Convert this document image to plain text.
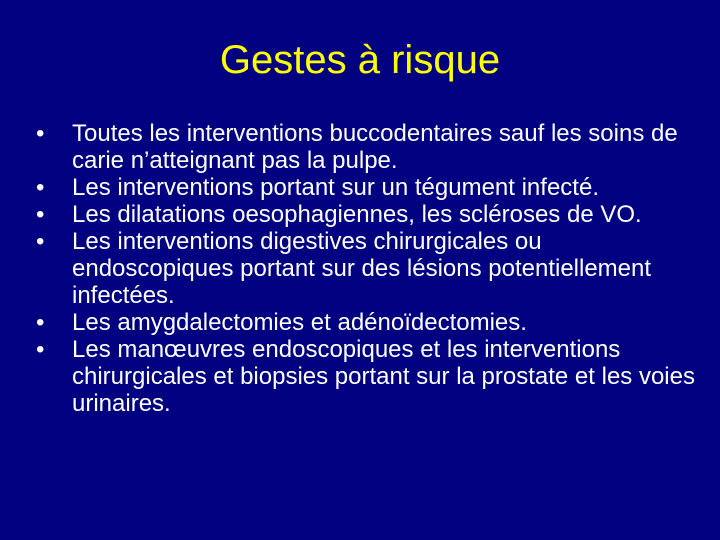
Gestes à risque
•	Toutes les interventions buccodentaires sauf les soins de carie n’atteignant pas la pulpe.
•	Les interventions portant sur un tégument infecté.
•	Les dilatations oesophagiennes, les scléroses de VO.
•	Les interventions digestives chirurgicales ou endoscopiques portant sur des lésions potentiellement infectées.
•	Les amygdalectomies et adénoïdectomies.
•	Les manœuvres endoscopiques et les interventions chirurgicales et biopsies portant sur la prostate et les voies urinaires.
